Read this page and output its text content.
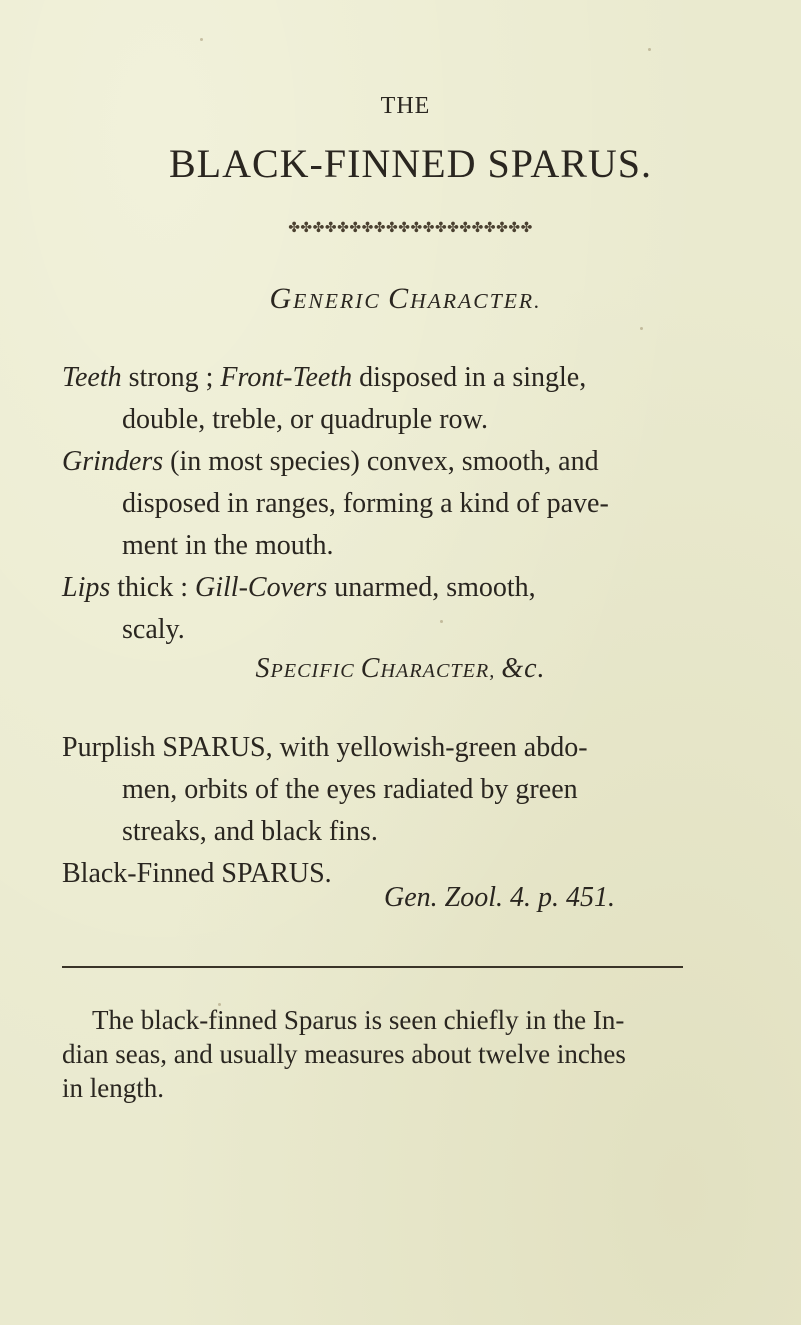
THE
BLACK-FINNED SPARUS.
✤✤✤✤✤✤✤✤✤✤✤✤✤✤✤✤✤✤✤✤
GENERIC CHARACTER.
Teeth strong ; Front-Teeth disposed in a single,
double, treble, or quadruple row.
Grinders (in most species) convex, smooth, and
disposed in ranges, forming a kind of pave-
ment in the mouth.
Lips thick : Gill-Covers unarmed, smooth,
scaly.
SPECIFIC CHARACTER, &c.
Purplish SPARUS, with yellowish-green abdo-
men, orbits of the eyes radiated by green
streaks, and black fins.
Black-Finned SPARUS.
Gen. Zool. 4. p. 451.
The black-finned Sparus is seen chiefly in the In-
dian seas, and usually measures about twelve inches
in length.
